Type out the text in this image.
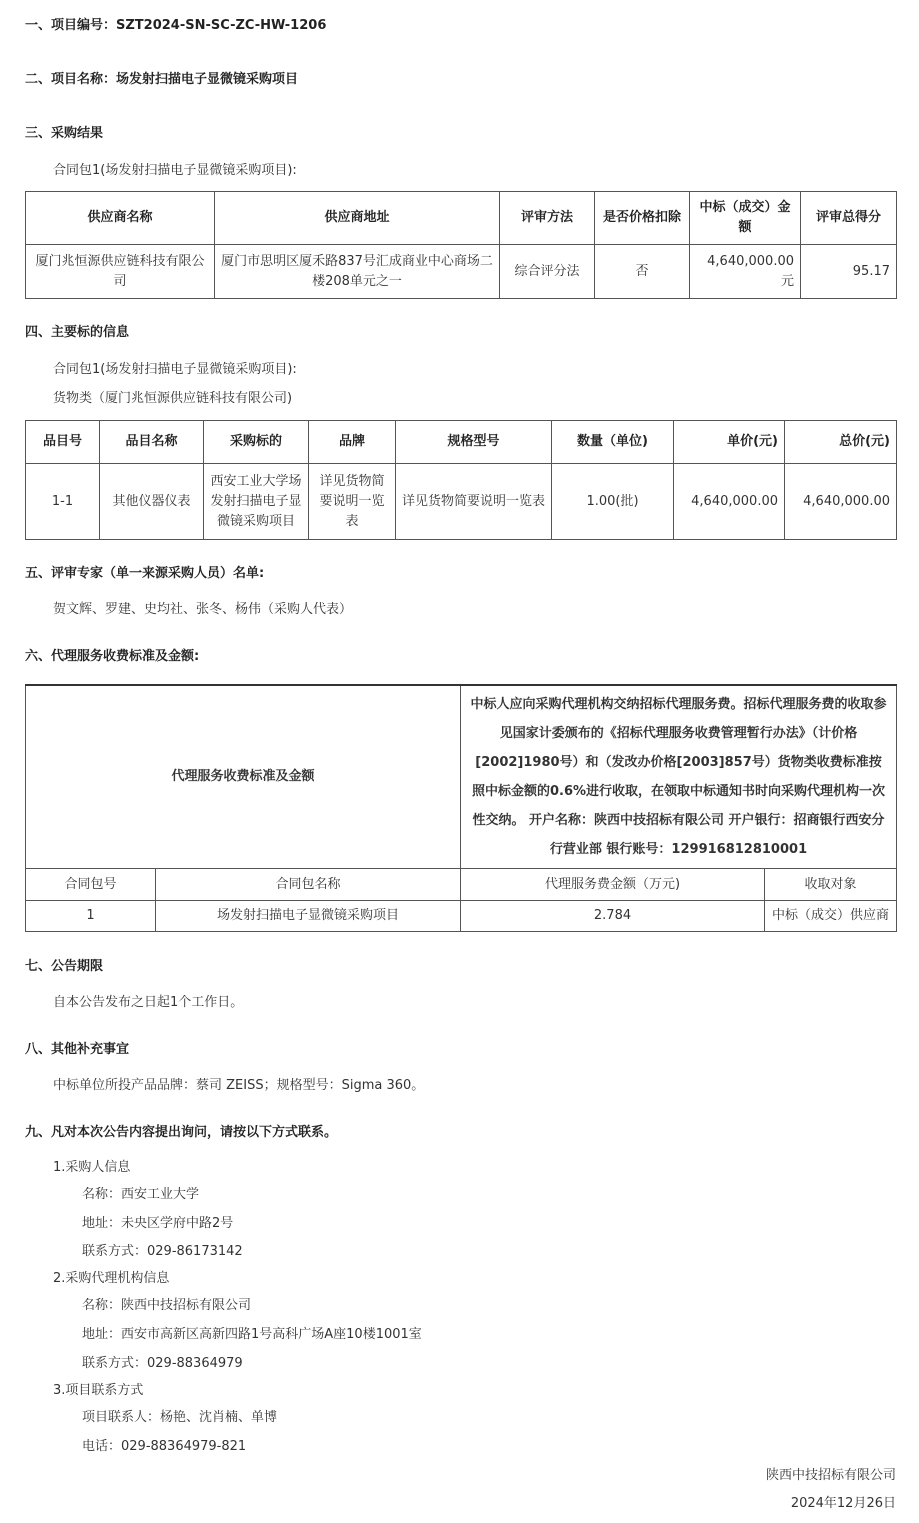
一、项目编号：SZT2024-SN-SC-ZC-HW-1206
二、项目名称：场发射扫描电子显微镜采购项目
三、采购结果
合同包1(场发射扫描电子显微镜采购项目):
供应商名称	供应商地址	评审方法	是否价格扣除	中标（成交）金额	评审总得分
厦门兆恒源供应链科技有限公司	厦门市思明区厦禾路837号汇成商业中心商场二楼208单元之一	综合评分法	否	4,640,000.00元	95.17
四、主要标的信息
合同包1(场发射扫描电子显微镜采购项目):
货物类（厦门兆恒源供应链科技有限公司)
品目号	品目名称	采购标的	品牌	规格型号	数量（单位)	单价(元)	总价(元)
1-1	其他仪器仪表	西安工业大学场发射扫描电子显微镜采购项目	详见货物简要说明一览表	详见货物简要说明一览表	1.00(批)	4,640,000.00	4,640,000.00
五、评审专家（单一来源采购人员）名单:
贺文辉、罗建、史均社、张冬、杨伟（采购人代表）
六、代理服务收费标准及金额:
代理服务收费标准及金额		中标人应向采购代理机构交纳招标代理服务费。招标代理服务费的收取参见国家计委颁布的《招标代理服务收费管理暂行办法》（计价格[2002]1980号）和（发改办价格[2003]857号）货物类收费标准按照中标金额的0.6%进行收取，在领取中标通知书时向采购代理机构一次性交纳。 开户名称：陕西中技招标有限公司 开户银行：招商银行西安分行营业部 银行账号：129916812810001	
合同包号	合同包名称	代理服务费金额（万元)	收取对象
1	场发射扫描电子显微镜采购项目	2.784	中标（成交）供应商
七、公告期限
自本公告发布之日起1个工作日。
八、其他补充事宜
中标单位所投产品品牌：蔡司 ZEISS；规格型号：Sigma 360。
九、凡对本次公告内容提出询问，请按以下方式联系。
1.采购人信息
名称：西安工业大学
地址：未央区学府中路2号
联系方式：029-86173142
2.采购代理机构信息
名称：陕西中技招标有限公司
地址：西安市高新区高新四路1号高科广场A座10楼1001室
联系方式：029-88364979
3.项目联系方式
项目联系人：杨艳、沈肖楠、单博
电话：029-88364979-821
陕西中技招标有限公司
2024年12月26日
